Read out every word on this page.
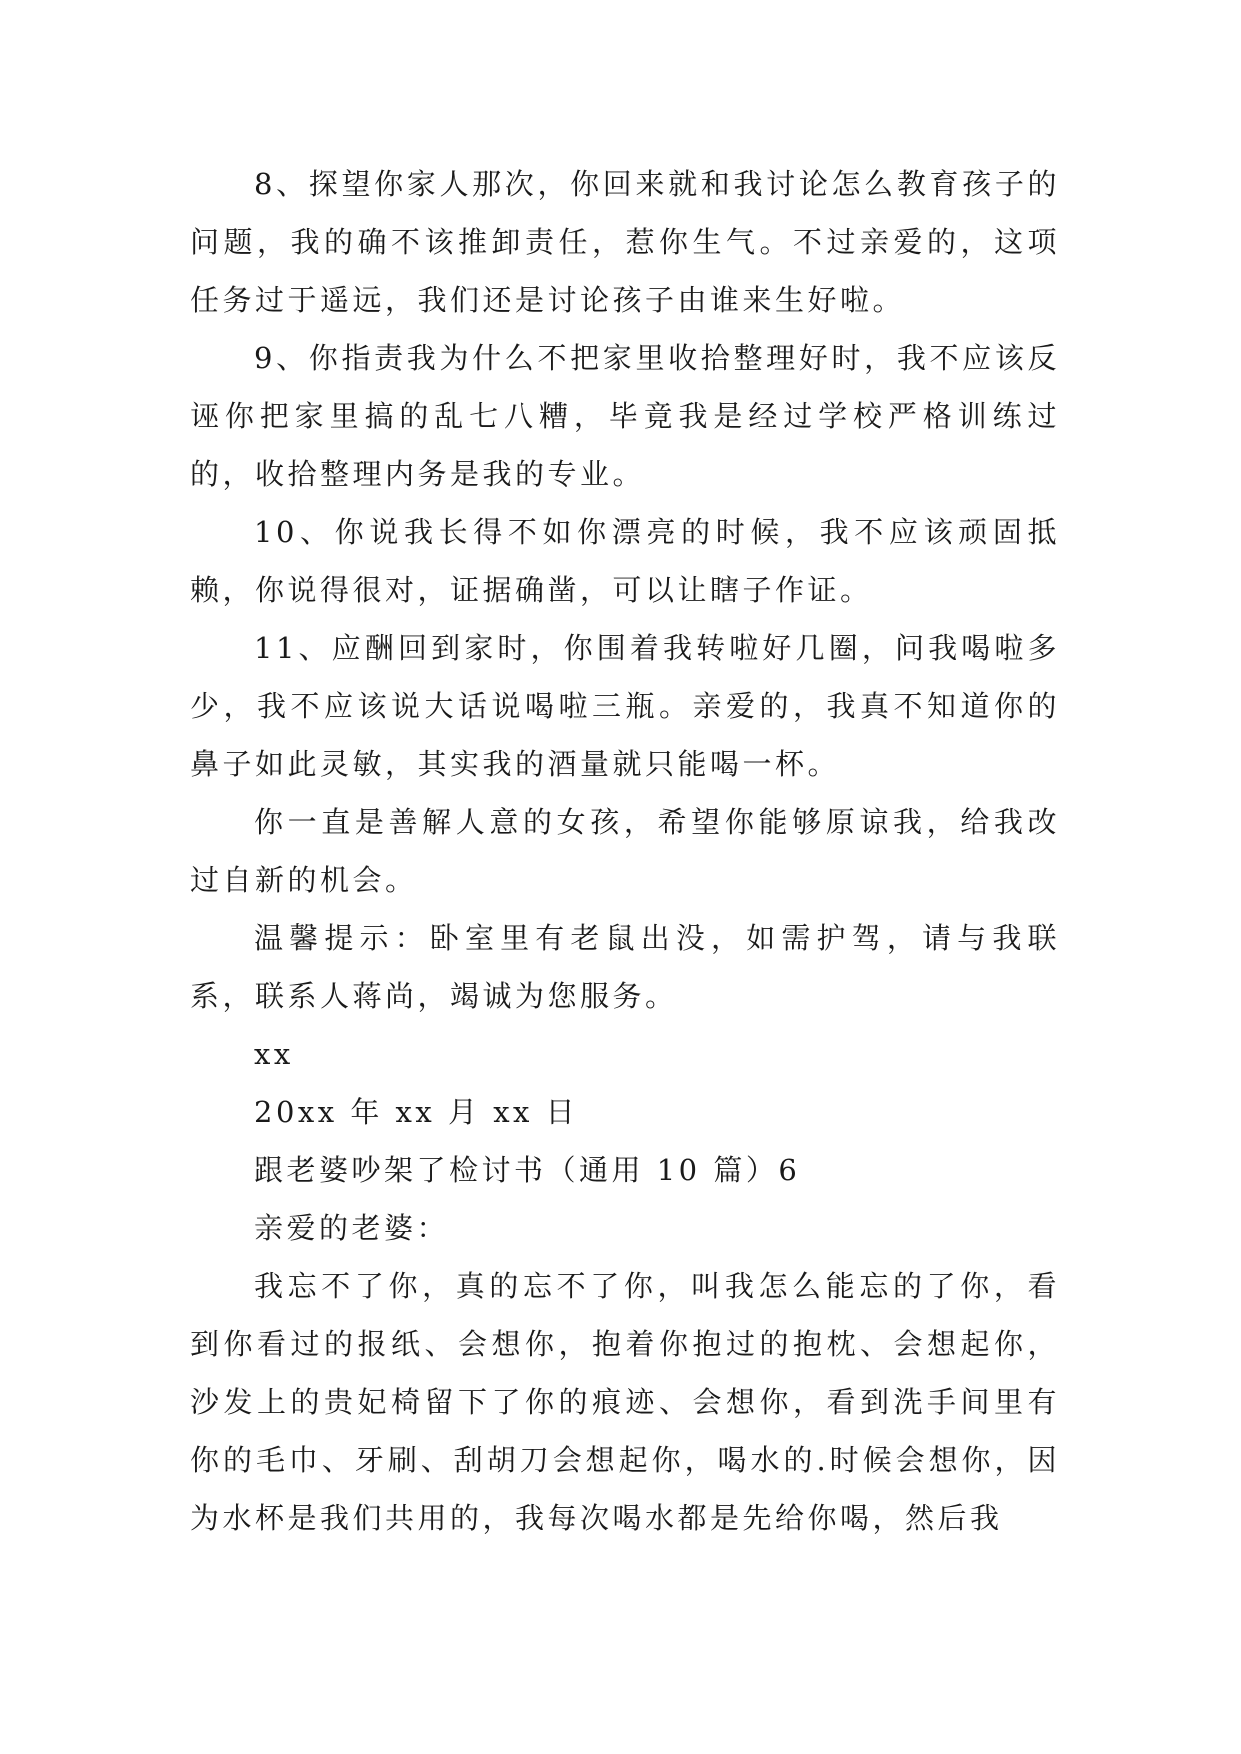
8、探望你家人那次，你回来就和我讨论怎么教育孩子的问题，我的确不该推卸责任，惹你生气。不过亲爱的，这项任务过于遥远，我们还是讨论孩子由谁来生好啦。

9、你指责我为什么不把家里收拾整理好时，我不应该反诬你把家里搞的乱七八糟，毕竟我是经过学校严格训练过的，收拾整理内务是我的专业。

10、你说我长得不如你漂亮的时候，我不应该顽固抵赖，你说得很对，证据确凿，可以让瞎子作证。

11、应酬回到家时，你围着我转啦好几圈，问我喝啦多少，我不应该说大话说喝啦三瓶。亲爱的，我真不知道你的鼻子如此灵敏，其实我的酒量就只能喝一杯。

你一直是善解人意的女孩，希望你能够原谅我，给我改过自新的机会。

温馨提示：卧室里有老鼠出没，如需护驾，请与我联系，联系人蒋尚，竭诚为您服务。

xx

20xx 年 xx 月 xx 日

跟老婆吵架了检讨书（通用 10 篇）6

亲爱的老婆：

我忘不了你，真的忘不了你，叫我怎么能忘的了你，看到你看过的报纸、会想你，抱着你抱过的抱枕、会想起你，沙发上的贵妃椅留下了你的痕迹、会想你，看到洗手间里有你的毛巾、牙刷、刮胡刀会想起你，喝水的.时候会想你，因为水杯是我们共用的，我每次喝水都是先给你喝，然后我
